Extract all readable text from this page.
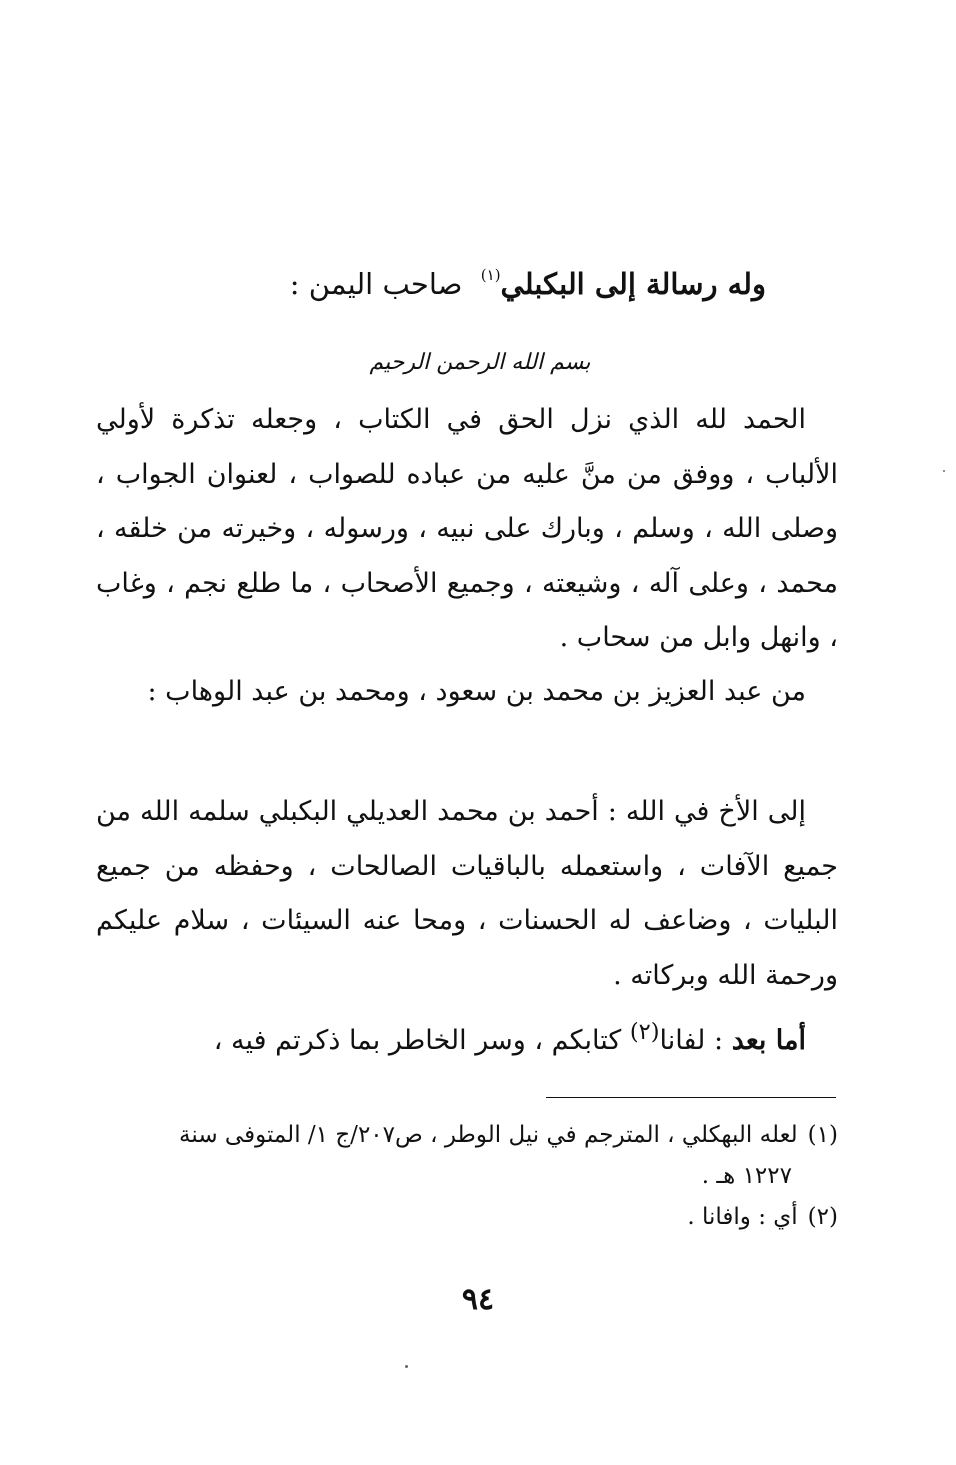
وله رسالة إلى البكبلي$^{(١)}$  صاحب اليمن :
بسم الله الرحمن الرحيم
الحمد لله الذي نزل الحق في الكتاب ، وجعله تذكرة لأولي الألباب ، ووفق من منَّ عليه من عباده للصواب ، لعنوان الجواب ، وصلى الله ، وسلم ، وبارك على نبيه ، ورسوله ، وخيرته من خلقه ، محمد ، وعلى آله ، وشيعته ، وجميع الأصحاب ، ما طلع نجم ، وغاب ، وانهل وابل من سحاب .
من عبد العزيز بن محمد بن سعود ، ومحمد بن عبد الوهاب :
إلى الأخ في الله : أحمد بن محمد العديلي البكبلي سلمه الله من جميع الآفات ، واستعمله بالباقيات الصالحات ، وحفظه من جميع البليات ، وضاعف له الحسنات ، ومحا عنه السيئات ، سلام عليكم ورحمة الله وبركاته .
أما بعد : لفانا$^{(٢)}$ كتابكم ، وسر الخاطر بما ذكرتم فيه ،
(١)لعله البهكلي ، المترجم في نيل الوطر ، ص٢٠٧/ج ١/ المتوفى سنة
١٢٢٧ هـ .
(٢)أي : وافانا .
٩٤
